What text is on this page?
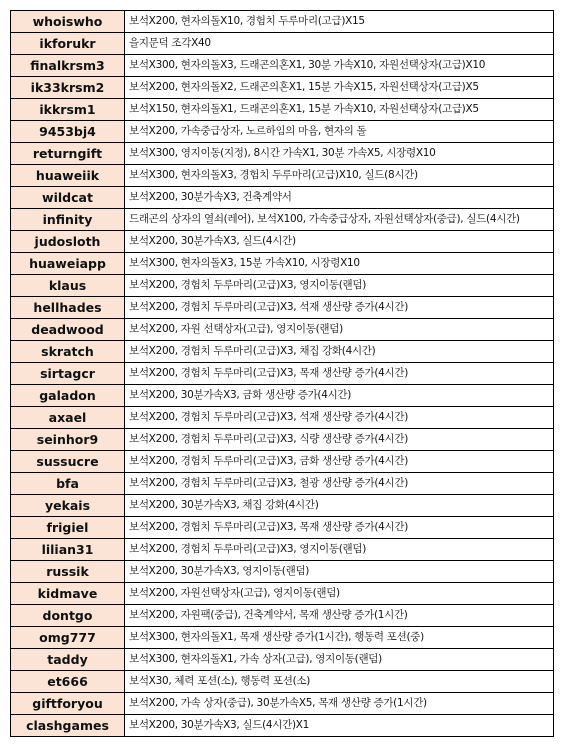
whoiswho	보석X200, 현자의돌X10, 경험치 두루마리(고급)X15
ikforukr	을지문덕 조각X40
finalkrsm3	보석X300, 현자의돌X3, 드래곤의혼X1, 30분 가속X10, 자원선택상자(고급)X10
ik33krsm2	보석X200, 현자의돌X2, 드래곤의혼X1, 15분 가속X15, 자원선택상자(고급)X5
ikkrsm1	보석X150, 현자의돌X1, 드래곤의혼X1, 15분 가속X10, 자원선택상자(고급)X5
9453bj4	보석X200, 가속중급상자, 노르하임의 마음, 현자의 돌
returngift	보석X300, 영지이동(지정), 8시간 가속X1, 30분 가속X5, 시장령X10
huaweiik	보석X300, 현자의돌X3, 경험치 두루마리(고급)X10, 실드(8시간)
wildcat	보석X200, 30분가속X3, 건축계약서
infinity	드래곤의 상자의 열쇠(레어), 보석X100, 가속중급상자, 자원선택상자(중급), 실드(4시간)
judosloth	보석X200, 30분가속X3, 실드(4시간)
huaweiapp	보석X300, 현자의돌X3, 15분 가속X10, 시장령X10
klaus	보석X200, 경험치 두루마리(고급)X3, 영지이동(랜덤)
hellhades	보석X200, 경험치 두루마리(고급)X3, 석재 생산량 증가(4시간)
deadwood	보석X200, 자원 선택상자(고급), 영지이동(랜덤)
skratch	보석X200, 경험치 두루마리(고급)X3, 채집 강화(4시간)
sirtagcr	보석X200, 경험치 두루마리(고급)X3, 목재 생산량 증가(4시간)
galadon	보석X200, 30분가속X3, 금화 생산량 증가(4시간)
axael	보석X200, 경험치 두루마리(고급)X3, 석재 생산량 증가(4시간)
seinhor9	보석X200, 경험치 두루마리(고급)X3, 식량 생산량 증가(4시간)
sussucre	보석X200, 경험치 두루마리(고급)X3, 금화 생산량 증가(4시간)
bfa	보석X200, 경험치 두루마리(고급)X3, 철광 생산량 증가(4시간)
yekais	보석X200, 30분가속X3, 채집 강화(4시간)
frigiel	보석X200, 경험치 두루마리(고급)X3, 목재 생산량 증가(4시간)
lilian31	보석X200, 경험치 두루마리(고급)X3, 영지이동(랜덤)
russik	보석X200, 30분가속X3, 영지이동(랜덤)
kidmave	보석X200, 자원선택상자(고급), 영지이동(랜덤)
dontgo	보석X200, 자원팩(중급), 건축계약서, 목재 생산량 증가(1시간)
omg777	보석X300, 현자의돌X1, 목재 생산량 증가(1시간), 행동력 포션(중)
taddy	보석X300, 현자의돌X1, 가속 상자(고급), 영지이동(랜덤)
et666	보석X30, 체력 포션(소), 행동력 포션(소)
giftforyou	보석X200, 가속 상자(중급), 30분가속X5, 목재 생산량 증가(1시간)
clashgames	보석X200, 30분가속X3, 실드(4시간)X1
